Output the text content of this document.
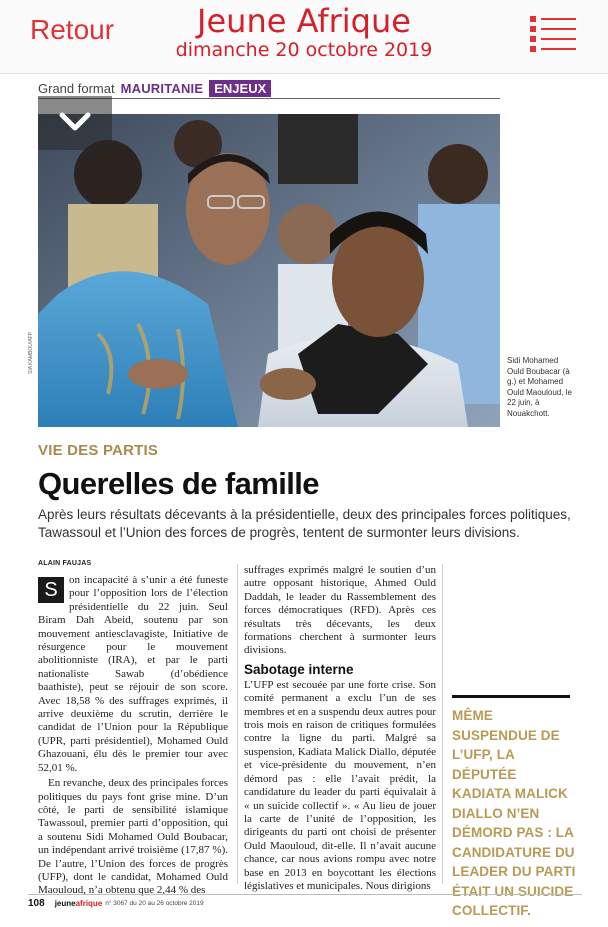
Retour	Jeune Afrique
dimanche 20 octobre 2019
Grand format MAURITANIE ENJEUX
SIA KAMBOU/AFP	Sidi Mohamed Ould Boubacar (à g.) et Mohamed Ould Maouloud, le 22 juin, à Nouakchott.
VIE DES PARTIS
Querelles de famille
Après leurs résultats décevants à la présidentielle, deux des principales forces politiques, Tawassoul et l’Union des forces de progrès, tentent de surmonter leurs divisions.
ALAIN FAUJAS
S	on incapacité à s’unir a été funeste pour l’opposition lors de l’élection présidentielle du 22 juin. Seul Biram Dah Abeid, soutenu par son mouvement antiesclavagiste, Initiative de résurgence pour le mouvement abolitionniste (IRA), et par le parti nationaliste Sawab (d’obédience baathiste), peut se réjouir de son score. Avec 18,58 % des suffrages exprimés, il arrive deuxième du scrutin, derrière le candidat de l’Union pour la République (UPR, parti présidentiel), Mohamed Ould Ghazouani, élu dès le premier tour avec 52,01 %.

En revanche, deux des principales forces politiques du pays font grise mine. D’un côté, le parti de sensibilité islamique Tawassoul, premier parti d’opposition, qui a soutenu Sidi Mohamed Ould Boubacar, un indépendant arrivé troisième (17,87 %). De l’autre, l’Union des forces de progrès (UFP), dont le candidat, Mohamed Ould Maouloud, n’a obtenu que 2,44 % des

suffrages exprimés malgré le soutien d’un autre opposant historique, Ahmed Ould Daddah, le leader du Rassemblement des forces démocratiques (RFD). Après ces résultats très décevants, les deux formations cherchent à surmonter leurs divisions.

Sabotage interne

L’UFP est secouée par une forte crise. Son comité permanent a exclu l’un de ses membres et en a suspendu deux autres pour trois mois en raison de critiques formulées contre la ligne du parti. Malgré sa suspension, Kadiata Malick Diallo, députée et vice-présidente du mouvement, n’en démord pas : elle l’avait prédit, la candidature du leader du parti équivalait à « un suicide collectif ». « Au lieu de jouer la carte de l’unité de l’opposition, les dirigeants du parti ont choisi de présenter Ould Maouloud, dit-elle. Il n’avait aucune chance, car nous avions rompu avec notre base en 2013 en boycottant les élections législatives et municipales. Nous dirigions

MÊME SUSPENDUE DE L’UFP, LA DÉPUTÉE KADIATA MALICK DIALLO N’EN DÉMORD PAS : LA CANDIDATURE DU LEADER DU PARTI ÉTAIT UN SUICIDE COLLECTIF.
108 jeuneafrique n° 3067 du 20 au 26 octobre 2019
